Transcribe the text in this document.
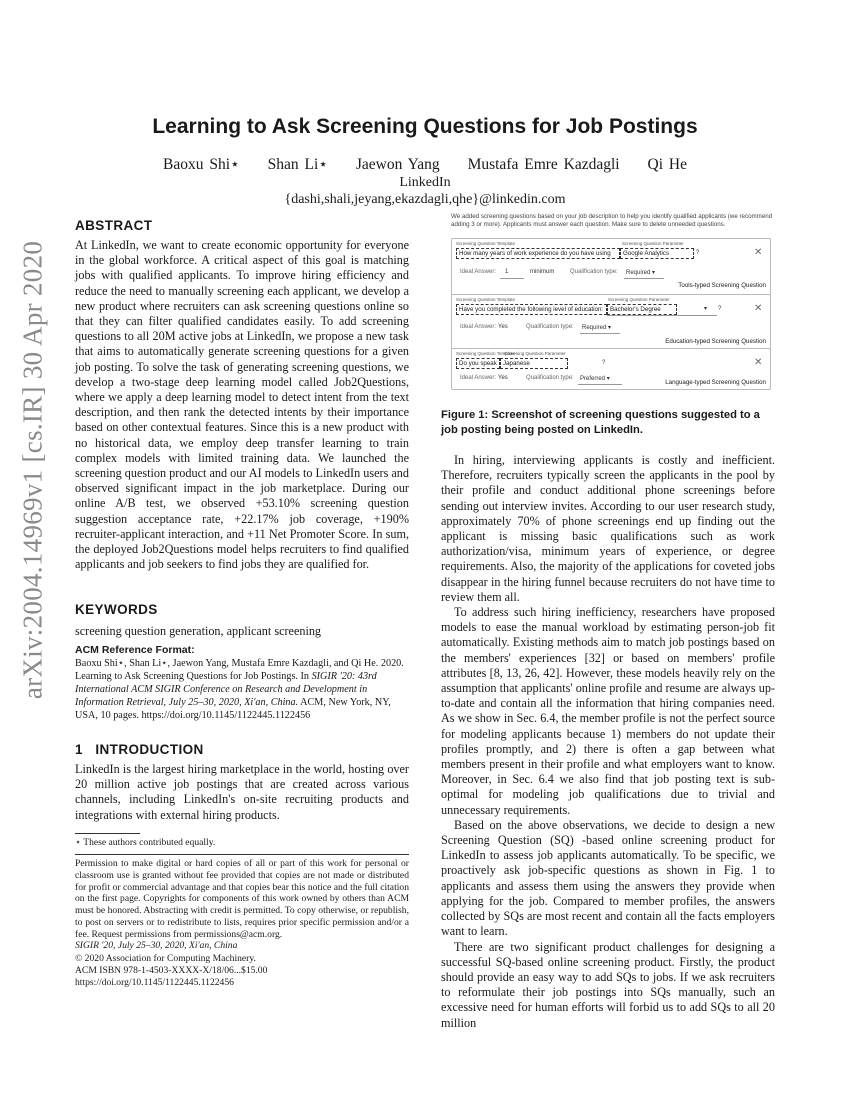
arXiv:2004.14969v1 [cs.IR] 30 Apr 2020
Learning to Ask Screening Questions for Job Postings
Baoxu Shi⋆ Shan Li⋆ Jaewon Yang Mustafa Emre Kazdagli Qi He
LinkedIn
{dashi,shali,jeyang,ekazdagli,qhe}@linkedin.com
ABSTRACT
At LinkedIn, we want to create economic opportunity for everyone in the global workforce. A critical aspect of this goal is matching jobs with qualified applicants. To improve hiring efficiency and reduce the need to manually screening each applicant, we develop a new product where recruiters can ask screening questions online so that they can filter qualified candidates easily. To add screening questions to all 20M active jobs at LinkedIn, we propose a new task that aims to automatically generate screening questions for a given job posting. To solve the task of generating screening questions, we develop a two-stage deep learning model called Job2Questions, where we apply a deep learning model to detect intent from the text description, and then rank the detected intents by their importance based on other contextual features. Since this is a new product with no historical data, we employ deep transfer learning to train complex models with limited training data. We launched the screening question product and our AI models to LinkedIn users and observed significant impact in the job marketplace. During our online A/B test, we observed +53.10% screening question suggestion acceptance rate, +22.17% job coverage, +190% recruiter-applicant interaction, and +11 Net Promoter Score. In sum, the deployed Job2Questions model helps recruiters to find qualified applicants and job seekers to find jobs they are qualified for.
KEYWORDS
screening question generation, applicant screening
ACM Reference Format:
Baoxu Shi⋆, Shan Li⋆, Jaewon Yang, Mustafa Emre Kazdagli, and Qi He. 2020. Learning to Ask Screening Questions for Job Postings. In SIGIR '20: 43rd International ACM SIGIR Conference on Research and Development in Information Retrieval, July 25–30, 2020, Xi'an, China. ACM, New York, NY, USA, 10 pages. https://doi.org/10.1145/1122445.1122456
1 INTRODUCTION
LinkedIn is the largest hiring marketplace in the world, hosting over 20 million active job postings that are created across various channels, including LinkedIn's on-site recruiting products and integrations with external hiring products.
⋆ These authors contributed equally.
Permission to make digital or hard copies of all or part of this work for personal or classroom use is granted without fee provided that copies are not made or distributed for profit or commercial advantage and that copies bear this notice and the full citation on the first page. Copyrights for components of this work owned by others than ACM must be honored. Abstracting with credit is permitted. To copy otherwise, or republish, to post on servers or to redistribute to lists, requires prior specific permission and/or a fee. Request permissions from permissions@acm.org.
SIGIR '20, July 25–30, 2020, Xi'an, China
© 2020 Association for Computing Machinery.
ACM ISBN 978-1-4503-XXXX-X/18/06...$15.00
https://doi.org/10.1145/1122445.1122456
We added screening questions based on your job description to help you identify qualified applicants (we recommend adding 3 or more). Applicants must answer each question. Make sure to delete unneeded questions.
Screening Question Template	Screening Question Parameter
How many years of work experience do you have using	Google Analytics	?	✕
Ideal Answer: 1	minimum	Qualification type: Required ▾
Tools-typed Screening Question
Screening Question Template	Screening Question Parameter
Have you completed the following level of education:	Bachelor's Degree	▾ ?	✕
Ideal Answer: Yes	Qualification type: Required ▾
Education-typed Screening Question
Screening Question Template
Screening Question Parameter
Do you speak Japanese	?	✕
Ideal Answer: Yes	Qualification type: Preferred ▾	Language-typed Screening Question
Figure 1: Screenshot of screening questions suggested to a job posting being posted on LinkedIn.

In hiring, interviewing applicants is costly and inefficient. Therefore, recruiters typically screen the applicants in the pool by their profile and conduct additional phone screenings before sending out interview invites. According to our user research study, approximately 70% of phone screenings end up finding out the applicant is missing basic qualifications such as work authorization/visa, minimum years of experience, or degree requirements. Also, the majority of the applications for coveted jobs disappear in the hiring funnel because recruiters do not have time to review them all.

To address such hiring inefficiency, researchers have proposed models to ease the manual workload by estimating person-job fit automatically. Existing methods aim to match job postings based on the members' experiences [32] or based on members' profile attributes [8, 13, 26, 42]. However, these models heavily rely on the assumption that applicants' online profile and resume are always up-to-date and contain all the information that hiring companies need. As we show in Sec. 6.4, the member profile is not the perfect source for modeling applicants because 1) members do not update their profiles promptly, and 2) there is often a gap between what members present in their profile and what employers want to know. Moreover, in Sec. 6.4 we also find that job posting text is sub-optimal for modeling job qualifications due to trivial and unnecessary requirements.

Based on the above observations, we decide to design a new Screening Question (SQ) -based online screening product for LinkedIn to assess job applicants automatically. To be specific, we proactively ask job-specific questions as shown in Fig. 1 to applicants and assess them using the answers they provide when applying for the job. Compared to member profiles, the answers collected by SQs are most recent and contain all the facts employers want to learn.

There are two significant product challenges for designing a successful SQ-based online screening product. Firstly, the product should provide an easy way to add SQs to jobs. If we ask recruiters to reformulate their job postings into SQs manually, such an excessive need for human efforts will forbid us to add SQs to all 20 million
